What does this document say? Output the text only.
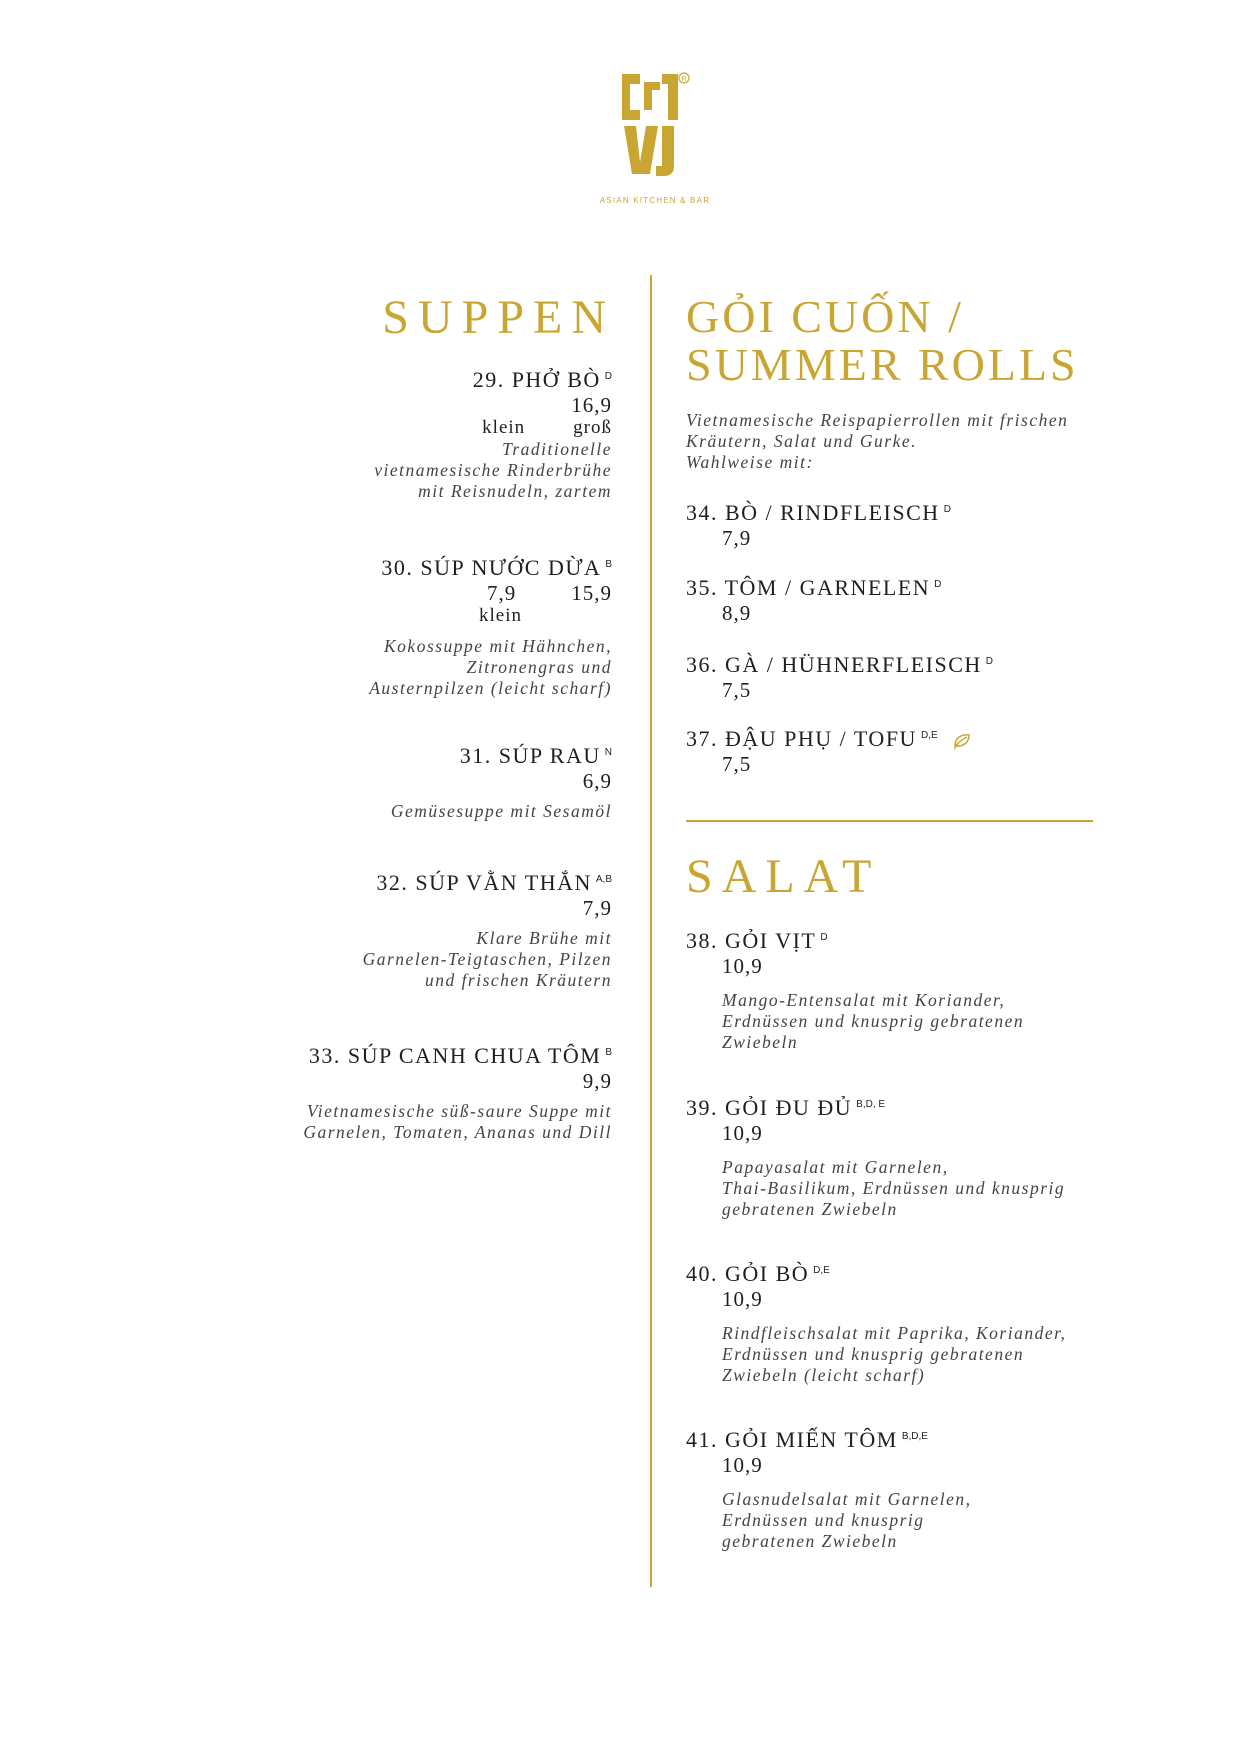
R
ASIAN KITCHEN & BAR
SUPPEN
29. PHỞ BÒ $^D$
16,9
klein	groß
Traditionelle
vietnamesische Rinderbrühe
mit Reisnudeln, zartem
30. SÚP NƯỚC DỪA $^B$
7,9	15,9
klein
Kokossuppe mit Hähnchen,
Zitronengras und
Austernpilzen (leicht scharf)
31. SÚP RAU $^N$
6,9
Gemüsesuppe mit Sesamöl
32. SÚP VẰN THẮN $^{A,B}$
7,9
Klare Brühe mit
Garnelen-Teigtaschen, Pilzen
und frischen Kräutern
33. SÚP CANH CHUA TÔM $^B$
9,9
Vietnamesische süß-saure Suppe mit
Garnelen, Tomaten, Ananas und Dill
GỎI CUỐN /
SUMMER ROLLS
Vietnamesische Reispapierrollen mit frischen
Kräutern, Salat und Gurke.
Wahlweise mit:
34. BÒ / RINDFLEISCH $^D$
7,9
35. TÔM / GARNELEN $^D$
8,9
36. GÀ / HÜHNERFLEISCH $^D$
7,5
37. ĐẬU PHỤ / TOFU $^{D,E}$
7,5
SALAT
38. GỎI VỊT $^D$
10,9
Mango-Entensalat mit Koriander,
Erdnüssen und knusprig gebratenen
Zwiebeln
39. GỎI ĐU ĐỦ $^{B,D, E}$
10,9
Papayasalat mit Garnelen,
Thai-Basilikum, Erdnüssen und knusprig
gebratenen Zwiebeln
40. GỎI BÒ $^{D,E}$
10,9
Rindfleischsalat mit Paprika, Koriander,
Erdnüssen und knusprig gebratenen
Zwiebeln (leicht scharf)
41. GỎI MIẾN TÔM $^{B,D,E}$
10,9
Glasnudelsalat mit Garnelen,
Erdnüssen und knusprig
gebratenen Zwiebeln
